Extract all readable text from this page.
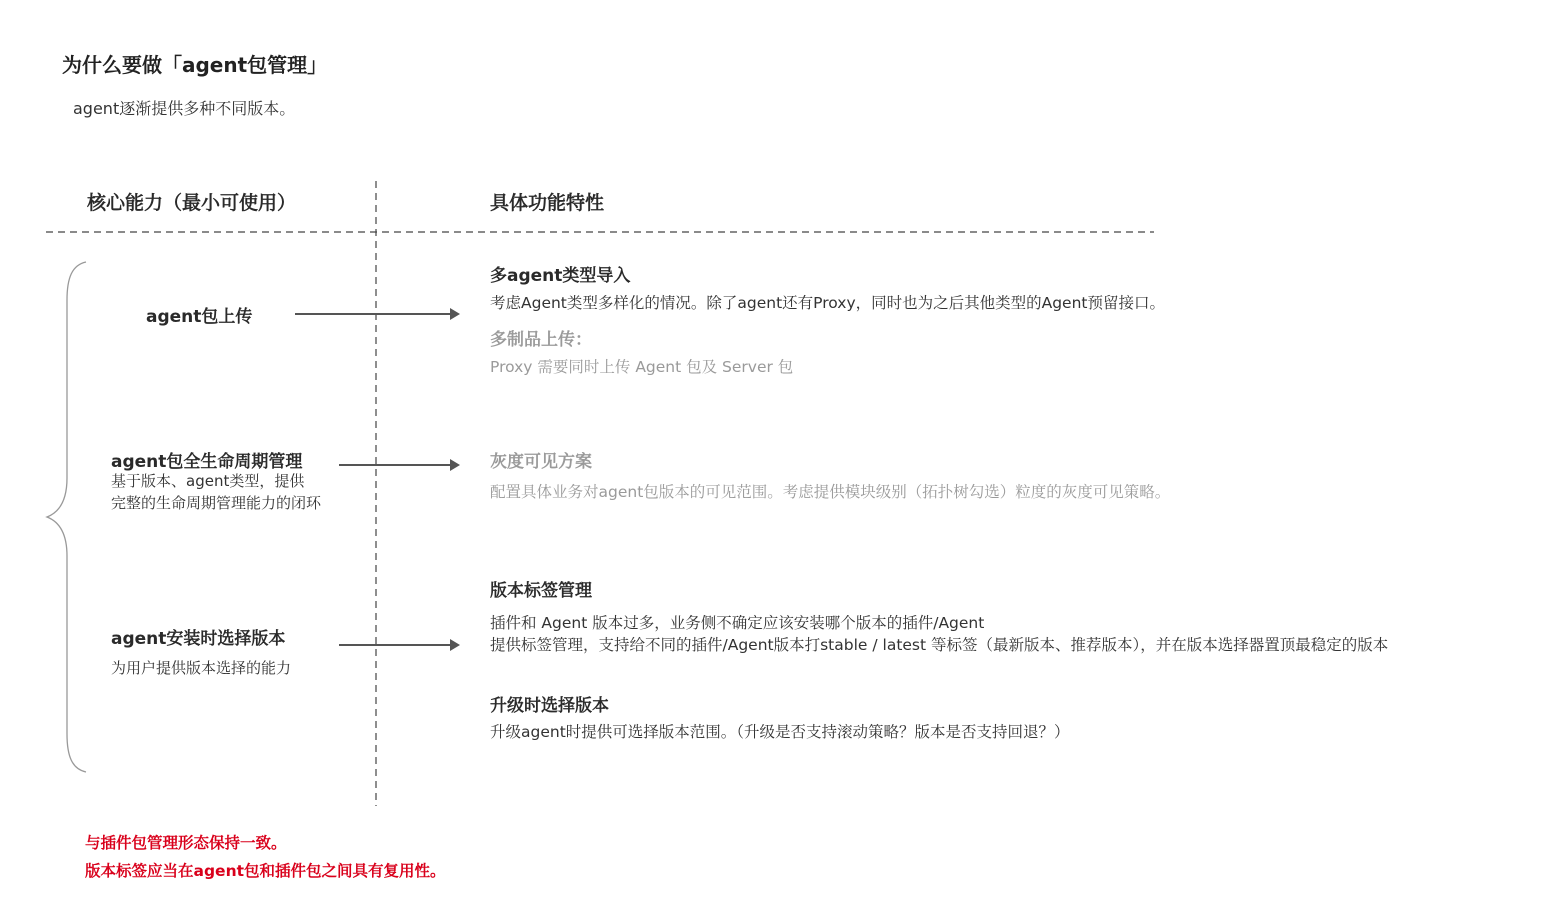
为什么要做「agent包管理」
agent逐渐提供多种不同版本。
核心能力（最小可使用）	具体功能特性
agent包上传
agent包全生命周期管理
基于版本、agent类型，提供
完整的生命周期管理能力的闭环
agent安装时选择版本
为用户提供版本选择的能力
多agent类型导入
考虑Agent类型多样化的情况。除了agent还有Proxy，同时也为之后其他类型的Agent预留接口。
多制品上传：
Proxy 需要同时上传 Agent 包及 Server 包
灰度可见方案
配置具体业务对agent包版本的可见范围。考虑提供模块级别（拓扑树勾选）粒度的灰度可见策略。
版本标签管理
插件和 Agent 版本过多，业务侧不确定应该安装哪个版本的插件/Agent
提供标签管理，支持给不同的插件/Agent版本打stable / latest 等标签（最新版本、推荐版本），并在版本选择器置顶最稳定的版本
升级时选择版本
升级agent时提供可选择版本范围。（升级是否支持滚动策略？版本是否支持回退？）
与插件包管理形态保持一致。
版本标签应当在agent包和插件包之间具有复用性。
